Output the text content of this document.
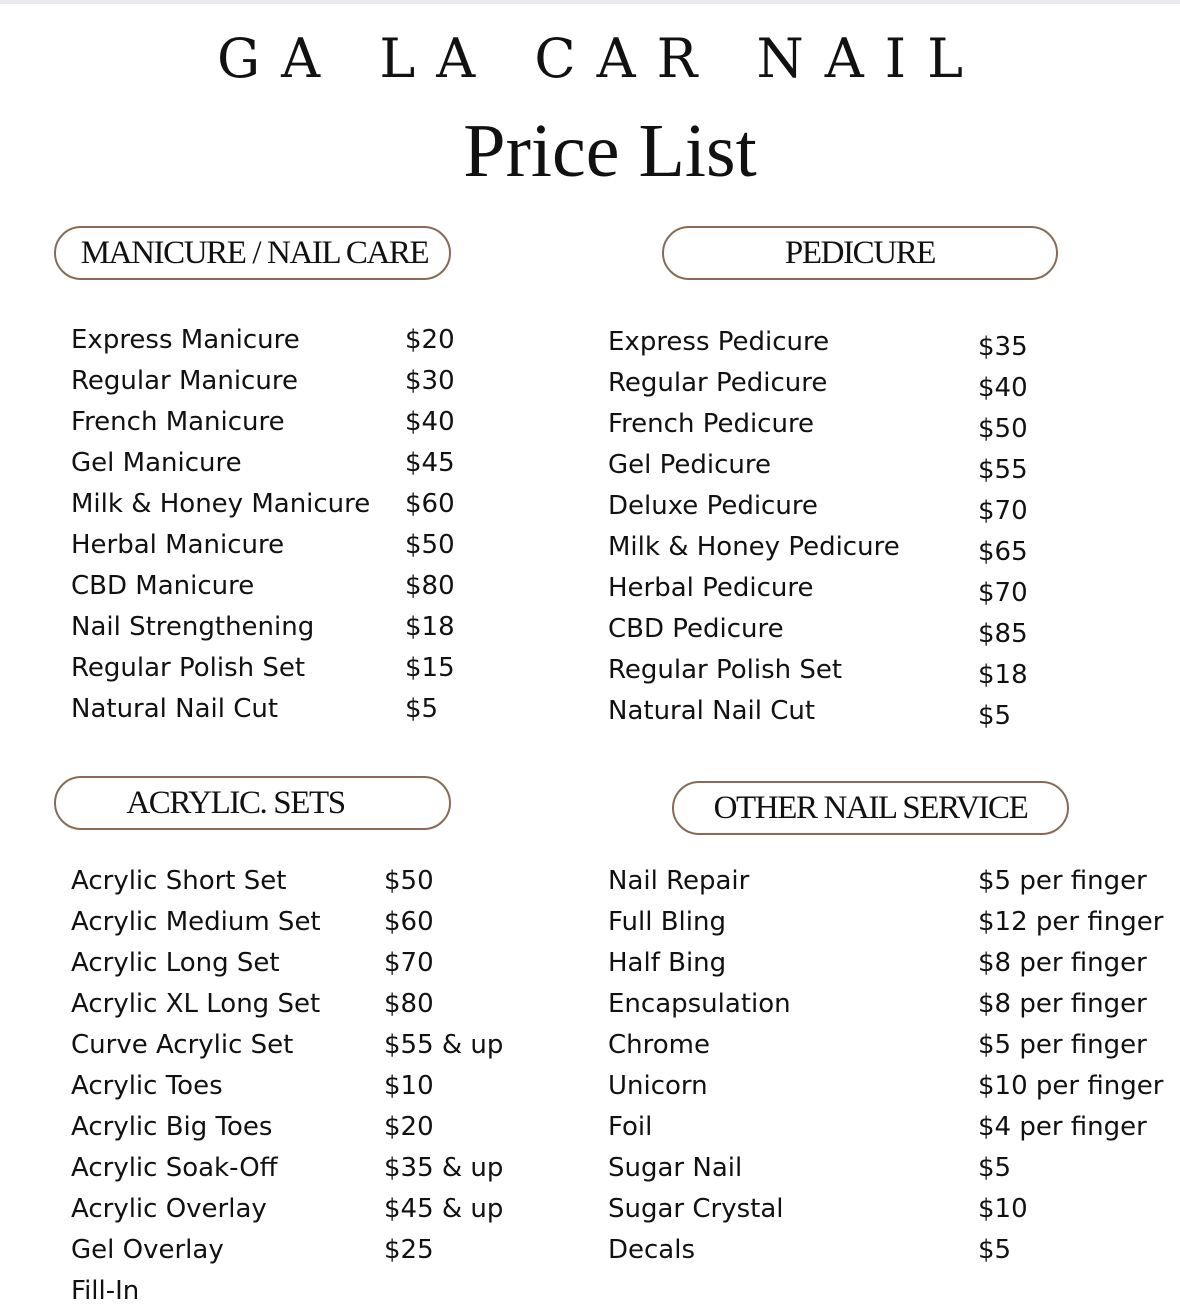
GA LA CAR NAIL
Price List
MANICURE / NAIL CARE	PEDICURE
ACRYLIC. SETS	OTHER NAIL SERVICE
Express Manicure	$20
Regular Manicure	$30
French Manicure	$40
Gel Manicure	$45
Milk & Honey Manicure $60
Herbal Manicure	$50
CBD Manicure	$80
Nail Strengthening	$18
Regular Polish Set	$15
Natural Nail Cut	$5
Express Pedicure	$35
Regular Pedicure	$40
French Pedicure	$50
Gel Pedicure	$55
Deluxe Pedicure	$70
Milk & Honey Pedicure	$65
Herbal Pedicure	$70
CBD Pedicure	$85
Regular Polish Set	$18
Natural Nail Cut	$5
Acrylic Short Set	$50
Acrylic Medium Set $60
Acrylic Long Set	$70
Acrylic XL Long Set $80
Curve Acrylic Set	$55 & up
Acrylic Toes	$10
Acrylic Big Toes	$20
Acrylic Soak-Off	$35 & up
Acrylic Overlay	$45 & up
Gel Overlay	$25
Fill-In
Nail Repair	$5 per finger
Full Bling	$12 per finger
Half Bing	$8 per finger
Encapsulation	$8 per finger
Chrome	$5 per finger
Unicorn	$10 per finger
Foil	$4 per finger
Sugar Nail	$5
Sugar Crystal	$10
Decals	$5
